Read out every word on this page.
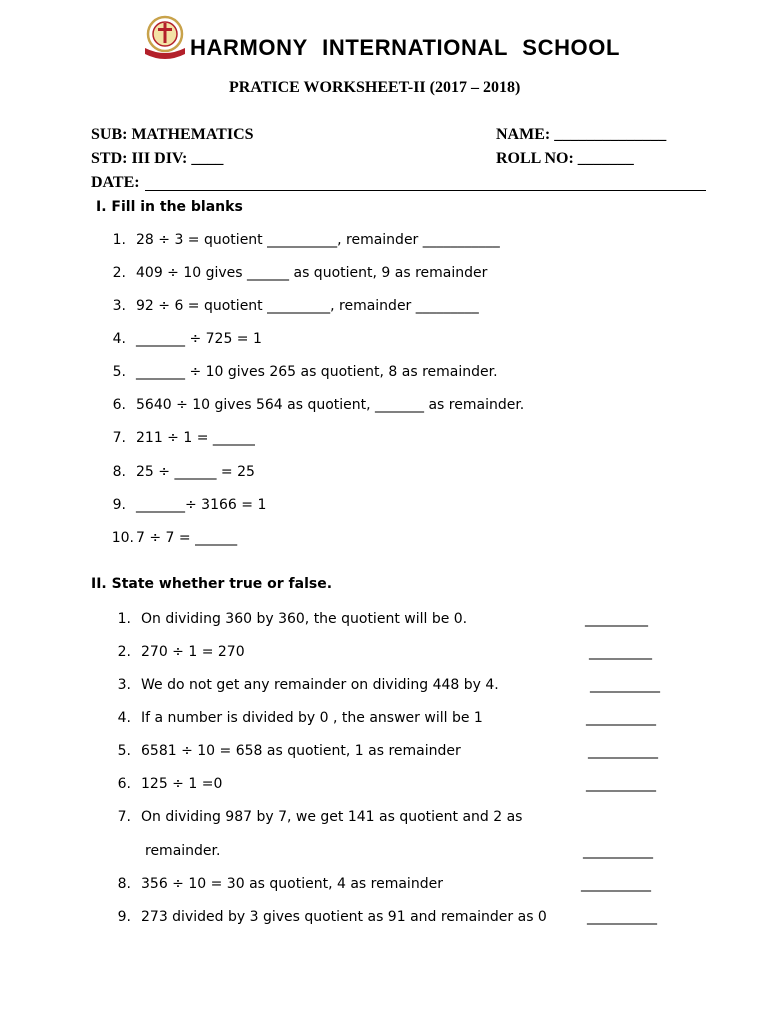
HARMONY INTERNATIONAL SCHOOL
PRATICE WORKSHEET-II (2017 – 2018)
SUB: MATHEMATICS
STD: III DIV: ____
DATE:
NAME: ______________
ROLL NO: _______
I. Fill in the blanks
1. 28 ÷ 3 = quotient __________, remainder ___________
2. 409 ÷ 10 gives ______ as quotient, 9 as remainder
3. 92 ÷ 6 = quotient _________, remainder _________
4. _______ ÷ 725 = 1
5. _______ ÷ 10 gives 265 as quotient, 8 as remainder.
6. 5640 ÷ 10 gives 564 as quotient, _______ as remainder.
7. 211 ÷ 1 = ______
8. 25 ÷ ______ = 25
9. _______÷ 3166 = 1
10. 7 ÷ 7 = ______
II. State whether true or false.
1. On dividing 360 by 360, the quotient will be 0.	_________
2. 270 ÷ 1 = 270	_________
3. We do not get any remainder on dividing 448 by 4.	__________
4. If a number is divided by 0 , the answer will be 1	__________
5. 6581 ÷ 10 = 658 as quotient, 1 as remainder	__________
6. 125 ÷ 1 =0	__________
7. On dividing 987 by 7, we get 141 as quotient and 2 as
remainder.	__________
8. 356 ÷ 10 = 30 as quotient, 4 as remainder	__________
9. 273 divided by 3 gives quotient as 91 and remainder as 0	__________
